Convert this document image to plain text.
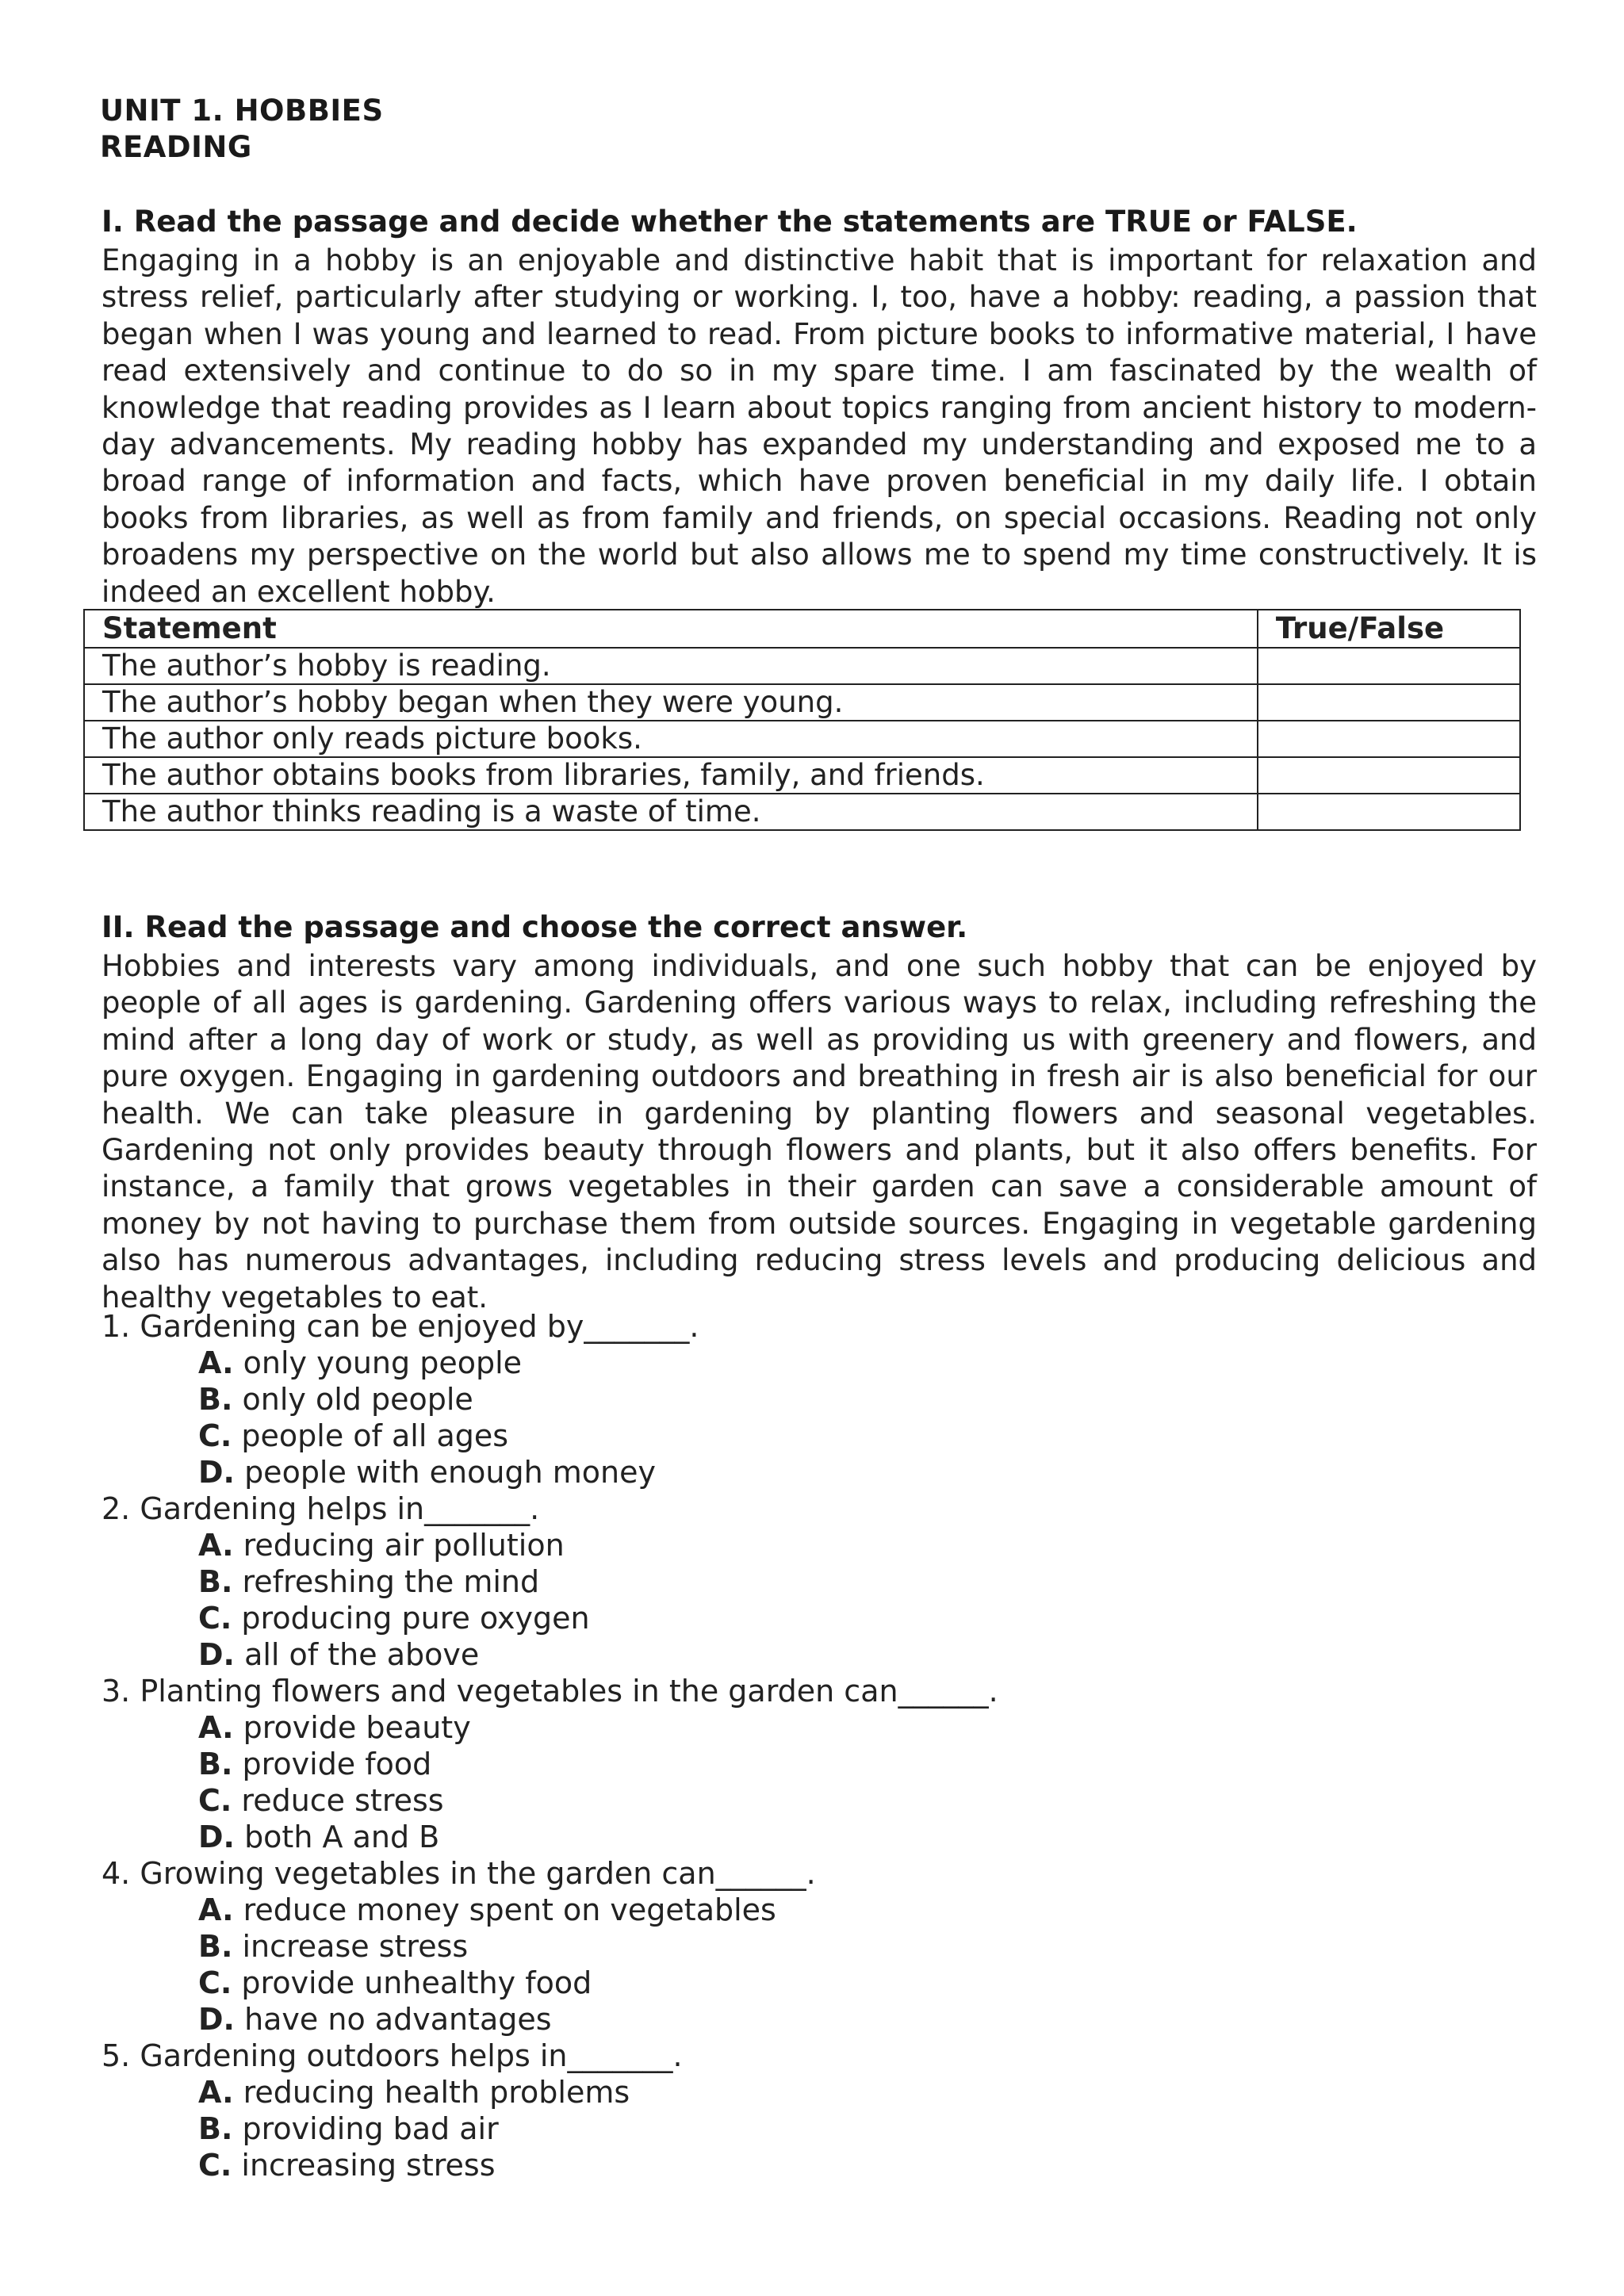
UNIT 1. HOBBIES
READING
I. Read the passage and decide whether the statements are TRUE or FALSE.
Engaging in a hobby is an enjoyable and distinctive habit that is important for relaxation and stress relief, particularly after studying or working. I, too, have a hobby: reading, a passion that began when I was young and learned to read. From picture books to informative material, I have read extensively and continue to do so in my spare time. I am fascinated by the wealth of knowledge that reading provides as I learn about topics ranging from ancient history to modern-day advancements. My reading hobby has expanded my understanding and exposed me to a broad range of information and facts, which have proven beneficial in my daily life. I obtain books from libraries, as well as from family and friends, on special occasions. Reading not only broadens my perspective on the world but also allows me to spend my time constructively. It is indeed an excellent hobby.
Statement	True/False
The author’s hobby is reading.	
The author’s hobby began when they were young.	
The author only reads picture books.	
The author obtains books from libraries, family, and friends.	
The author thinks reading is a waste of time.	
II. Read the passage and choose the correct answer.
Hobbies and interests vary among individuals, and one such hobby that can be enjoyed by people of all ages is gardening. Gardening offers various ways to relax, including refreshing the mind after a long day of work or study, as well as providing us with greenery and flowers, and pure oxygen. Engaging in gardening outdoors and breathing in fresh air is also beneficial for our health. We can take pleasure in gardening by planting flowers and seasonal vegetables. Gardening not only provides beauty through flowers and plants, but it also offers benefits. For instance, a family that grows vegetables in their garden can save a considerable amount of money by not having to purchase them from outside sources. Engaging in vegetable gardening also has numerous advantages, including reducing stress levels and producing delicious and healthy vegetables to eat.
1. Gardening can be enjoyed by_______.
A. only young people
B. only old people
C. people of all ages
D. people with enough money
2. Gardening helps in_______.
A. reducing air pollution
B. refreshing the mind
C. producing pure oxygen
D. all of the above
3. Planting flowers and vegetables in the garden can______.
A. provide beauty
B. provide food
C. reduce stress
D. both A and B
4. Growing vegetables in the garden can______.
A. reduce money spent on vegetables
B. increase stress
C. provide unhealthy food
D. have no advantages
5. Gardening outdoors helps in_______.
A. reducing health problems
B. providing bad air
C. increasing stress
